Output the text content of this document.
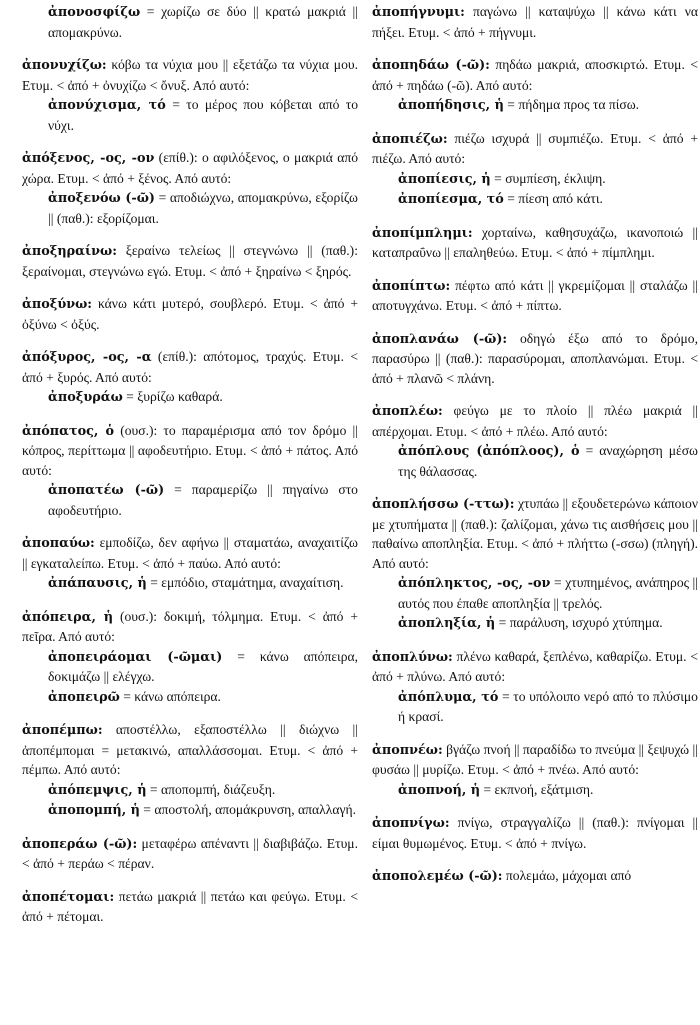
ἀπονοσφίζω = χωρίζω σε δύο || κρατώ μακριά || απομακρύνω.

ἀπονυχίζω: κόβω τα νύχια μου || εξετάζω τα νύχια μου. Ετυμ. < ἀπό + ὀνυχίζω < ὄνυξ. Από αυτό:

ἀπονύχισμα, τό = το μέρος που κόβεται από το νύχι.

ἀπόξενος, -ος, -ον (επίθ.): ο αφιλόξενος, ο μακριά από χώρα. Ετυμ. < ἀπό + ξένος. Από αυτό:

ἀποξενόω (-ῶ) = αποδιώχνω, απομακρύνω, εξορίζω || (παθ.): εξορίζομαι.

ἀποξηραίνω: ξεραίνω τελείως || στεγνώνω || (παθ.): ξεραίνομαι, στεγνώνω εγώ. Ετυμ. < ἀπό + ξηραίνω < ξηρός.

ἀποξύνω: κάνω κάτι μυτερό, σουβλερό. Ετυμ. < ἀπό + ὀξύνω < ὀξύς.

ἀπόξυρος, -ος, -α (επίθ.): απότομος, τραχύς. Ετυμ. < ἀπό + ξυρός. Από αυτό:

ἀποξυράω = ξυρίζω καθαρά.

ἀπόπατος, ὁ (ουσ.): το παραμέρισμα από τον δρόμο || κόπρος, περίττωμα || αφοδευτήριο. Ετυμ. < ἀπό + πάτος. Από αυτό:

ἀποπατέω (-ῶ) = παραμερίζω || πηγαίνω στο αφοδευτήριο.

ἀποπαύω: εμποδίζω, δεν αφήνω || σταματάω, αναχαιτίζω || εγκαταλείπω. Ετυμ. < ἀπό + παύω. Από αυτό:

ἀπάπαυσις, ἡ = εμπόδιο, σταμάτημα, αναχαίτιση.

ἀπόπειρα, ἡ (ουσ.): δοκιμή, τόλμημα. Ετυμ. < ἀπό + πεῖρα. Από αυτό:

ἀποπειράομαι (-ῶμαι) = κάνω απόπειρα, δοκιμάζω || ελέγχω.

ἀποπειρῶ = κάνω απόπειρα.

ἀποπέμπω: αποστέλλω, εξαποστέλλω || διώχνω || ἀποπέμπομαι = μετακινώ, απαλλάσσομαι. Ετυμ. < ἀπό + πέμπω. Από αυτό:

ἀπόπεμψις, ἡ = αποπομπή, διάζευξη.

ἀποπομπή, ἡ = αποστολή, απομάκρυνση, απαλλαγή.

ἀποπεράω (-ῶ): μεταφέρω απέναντι || διαβιβάζω. Ετυμ. < ἀπό + περάω < πέραν.

ἀποπέτομαι: πετάω μακριά || πετάω και φεύγω. Ετυμ. < ἀπό + πέτομαι.

ἀποπήγνυμι: παγώνω || καταψύχω || κάνω κάτι να πήξει. Ετυμ. < ἀπό + πήγνυμι.

ἀποπηδάω (-ῶ): πηδάω μακριά, αποσκιρτώ. Ετυμ. < ἀπό + πηδάω (-ῶ). Από αυτό:

ἀποπήδησις, ἡ = πήδημα προς τα πίσω.

ἀποπιέζω: πιέζω ισχυρά || συμπιέζω. Ετυμ. < ἀπό + πιέζω. Από αυτό:

ἀποπίεσις, ἡ = συμπίεση, έκλιψη.

ἀποπίεσμα, τό = πίεση από κάτι.

ἀποπίμπλημι: χορταίνω, καθησυχάζω, ικανοποιώ || καταπραΰνω || επαληθεύω. Ετυμ. < ἀπό + πίμπλημι.

ἀποπίπτω: πέφτω από κάτι || γκρεμίζομαι || σταλάζω || αποτυγχάνω. Ετυμ. < ἀπό + πίπτω.

ἀποπλανάω (-ῶ): οδηγώ έξω από το δρόμο, παρασύρω || (παθ.): παρασύρομαι, αποπλανώμαι. Ετυμ. < ἀπό + πλανῶ < πλάνη.

ἀποπλέω: φεύγω με το πλοίο || πλέω μακριά || απέρχομαι. Ετυμ. < ἀπό + πλέω. Από αυτό:

ἀπόπλους (ἀπόπλοος), ὁ = αναχώρηση μέσω της θάλασσας.

ἀποπλήσσω (-ττω): χτυπάω || εξουδετερώνω κάποιον με χτυπήματα || (παθ.): ζαλίζομαι, χάνω τις αισθήσεις μου || παθαίνω αποπληξία. Ετυμ. < ἀπό + πλήττω (-σσω) (πληγή). Από αυτό:

ἀπόπληκτος, -ος, -ον = χτυπημένος, ανάπηρος || αυτός που έπαθε αποπληξία || τρελός.

ἀποπληξία, ἡ = παράλυση, ισχυρό χτύπημα.

ἀποπλύνω: πλένω καθαρά, ξεπλένω, καθαρίζω. Ετυμ. < ἀπό + πλύνω. Από αυτό:

ἀπόπλυμα, τό = το υπόλοιπο νερό από το πλύσιμο ή κρασί.

ἀποπνέω: βγάζω πνοή || παραδίδω το πνεύμα || ξεψυχώ || φυσάω || μυρίζω. Ετυμ. < ἀπό + πνέω. Από αυτό:

ἀποπνοή, ἡ = εκπνοή, εξάτμιση.

ἀποπνίγω: πνίγω, στραγγαλίζω || (παθ.): πνίγομαι || είμαι θυμωμένος. Ετυμ. < ἀπό + πνίγω.

ἀποπολεμέω (-ῶ): πολεμάω, μάχομαι από
